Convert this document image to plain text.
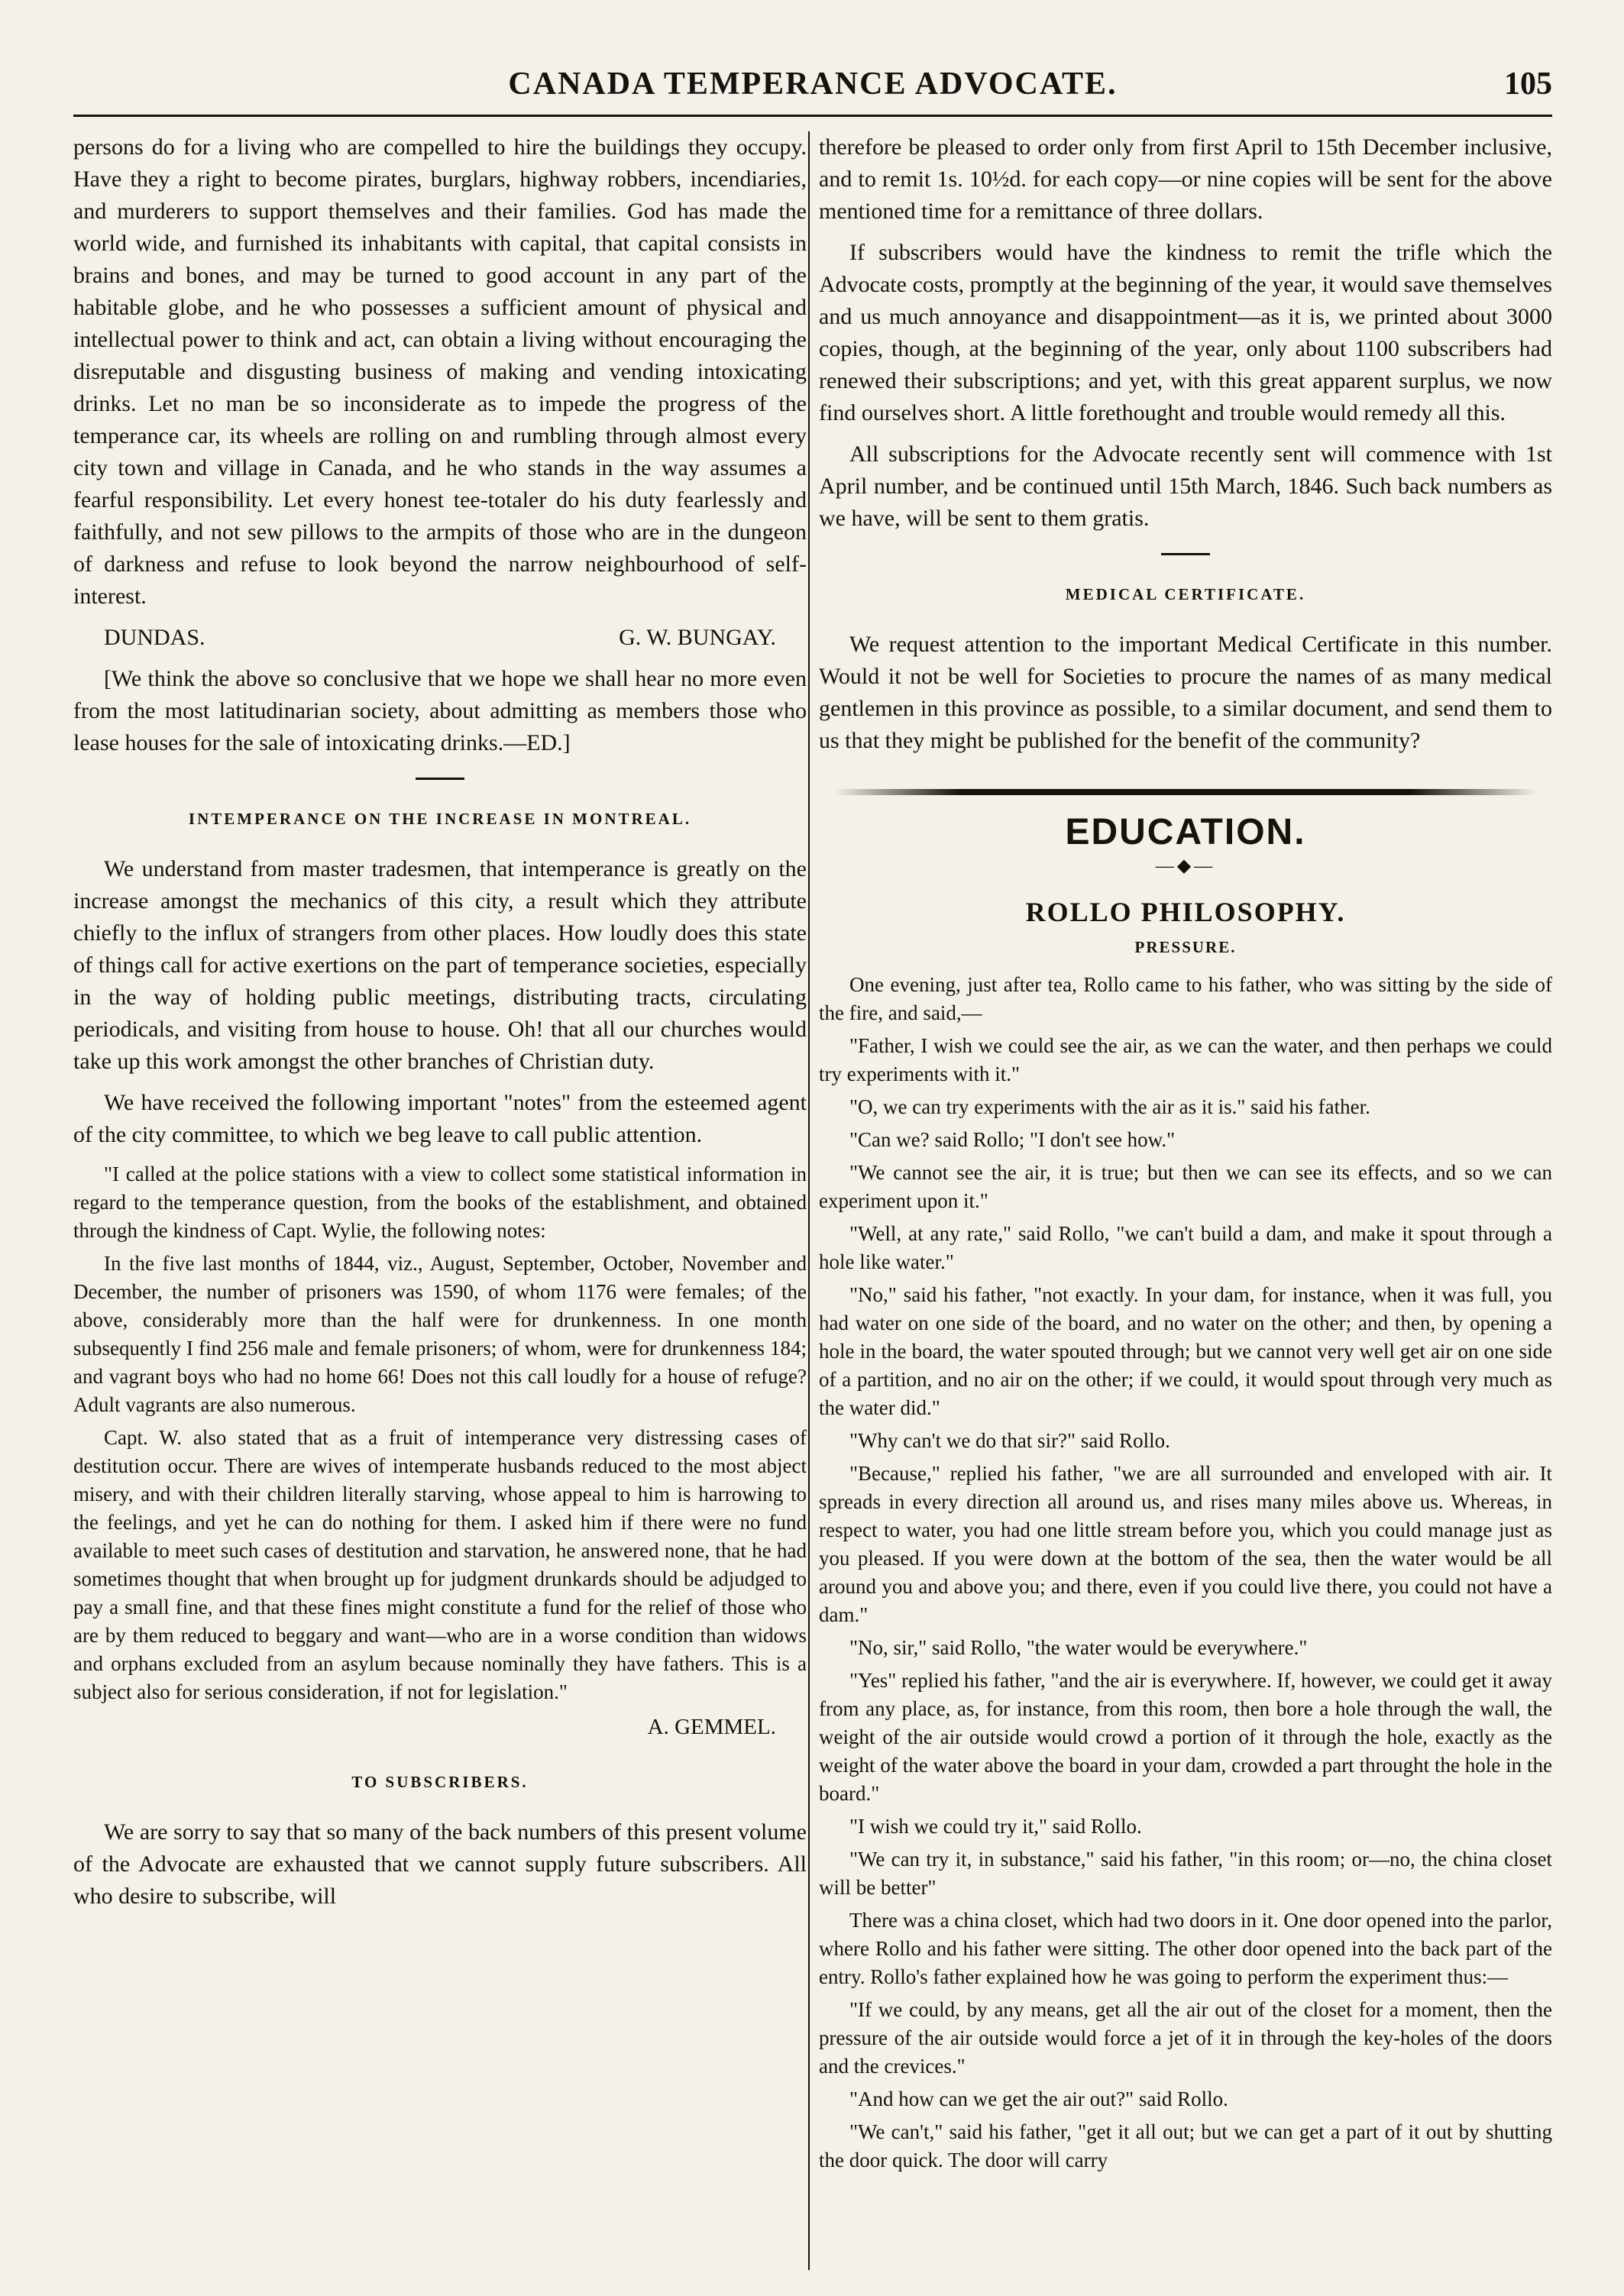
CANADA TEMPERANCE ADVOCATE.	105

persons do for a living who are compelled to hire the buildings they occupy. Have they a right to become pirates, burglars, highway robbers, incendiaries, and murderers to support themselves and their families. God has made the world wide, and furnished its inhabitants with capital, that capital consists in brains and bones, and may be turned to good account in any part of the habitable globe, and he who possesses a sufficient amount of physical and intellectual power to think and act, can obtain a living without encouraging the disreputable and disgusting business of making and vending intoxicating drinks. Let no man be so inconsiderate as to impede the progress of the temperance car, its wheels are rolling on and rumbling through almost every city town and village in Canada, and he who stands in the way assumes a fearful responsibility. Let every honest tee-totaler do his duty fearlessly and faithfully, and not sew pillows to the armpits of those who are in the dungeon of darkness and refuse to look beyond the narrow neighbourhood of self-interest.

DUNDAS.	G. W. BUNGAY.

[We think the above so conclusive that we hope we shall hear no more even from the most latitudinarian society, about admitting as members those who lease houses for the sale of intoxicating drinks.—ED.]

INTEMPERANCE ON THE INCREASE IN MONTREAL.

We understand from master tradesmen, that intemperance is greatly on the increase amongst the mechanics of this city, a result which they attribute chiefly to the influx of strangers from other places. How loudly does this state of things call for active exertions on the part of temperance societies, especially in the way of holding public meetings, distributing tracts, circulating periodicals, and visiting from house to house. Oh! that all our churches would take up this work amongst the other branches of Christian duty.

We have received the following important "notes" from the esteemed agent of the city committee, to which we beg leave to call public attention.

"I called at the police stations with a view to collect some statistical information in regard to the temperance question, from the books of the establishment, and obtained through the kindness of Capt. Wylie, the following notes:

In the five last months of 1844, viz., August, September, October, November and December, the number of prisoners was 1590, of whom 1176 were females; of the above, considerably more than the half were for drunkenness. In one month subsequently I find 256 male and female prisoners; of whom, were for drunkenness 184; and vagrant boys who had no home 66! Does not this call loudly for a house of refuge? Adult vagrants are also numerous.

Capt. W. also stated that as a fruit of intemperance very distressing cases of destitution occur. There are wives of intemperate husbands reduced to the most abject misery, and with their children literally starving, whose appeal to him is harrowing to the feelings, and yet he can do nothing for them. I asked him if there were no fund available to meet such cases of destitution and starvation, he answered none, that he had sometimes thought that when brought up for judgment drunkards should be adjudged to pay a small fine, and that these fines might constitute a fund for the relief of those who are by them reduced to beggary and want—who are in a worse condition than widows and orphans excluded from an asylum because nominally they have fathers. This is a subject also for serious consideration, if not for legislation."

A. GEMMEL.
TO SUBSCRIBERS.

We are sorry to say that so many of the back numbers of this present volume of the Advocate are exhausted that we cannot supply future subscribers. All who desire to subscribe, will

therefore be pleased to order only from first April to 15th December inclusive, and to remit 1s. 10½d. for each copy—or nine copies will be sent for the above mentioned time for a remittance of three dollars.

If subscribers would have the kindness to remit the trifle which the Advocate costs, promptly at the beginning of the year, it would save themselves and us much annoyance and disappointment—as it is, we printed about 3000 copies, though, at the beginning of the year, only about 1100 subscribers had renewed their subscriptions; and yet, with this great apparent surplus, we now find ourselves short. A little forethought and trouble would remedy all this.

All subscriptions for the Advocate recently sent will commence with 1st April number, and be continued until 15th March, 1846. Such back numbers as we have, will be sent to them gratis.

MEDICAL CERTIFICATE.

We request attention to the important Medical Certificate in this number. Would it not be well for Societies to procure the names of as many medical gentlemen in this province as possible, to a similar document, and send them to us that they might be published for the benefit of the community?

EDUCATION.
—◆—
ROLLO PHILOSOPHY.
PRESSURE.

One evening, just after tea, Rollo came to his father, who was sitting by the side of the fire, and said,—

"Father, I wish we could see the air, as we can the water, and then perhaps we could try experiments with it."

"O, we can try experiments with the air as it is." said his father.

"Can we? said Rollo; "I don't see how."

"We cannot see the air, it is true; but then we can see its effects, and so we can experiment upon it."

"Well, at any rate," said Rollo, "we can't build a dam, and make it spout through a hole like water."

"No," said his father, "not exactly. In your dam, for instance, when it was full, you had water on one side of the board, and no water on the other; and then, by opening a hole in the board, the water spouted through; but we cannot very well get air on one side of a partition, and no air on the other; if we could, it would spout through very much as the water did."

"Why can't we do that sir?" said Rollo.

"Because," replied his father, "we are all surrounded and enveloped with air. It spreads in every direction all around us, and rises many miles above us. Whereas, in respect to water, you had one little stream before you, which you could manage just as you pleased. If you were down at the bottom of the sea, then the water would be all around you and above you; and there, even if you could live there, you could not have a dam."

"No, sir," said Rollo, "the water would be everywhere."

"Yes" replied his father, "and the air is everywhere. If, however, we could get it away from any place, as, for instance, from this room, then bore a hole through the wall, the weight of the air outside would crowd a portion of it through the hole, exactly as the weight of the water above the board in your dam, crowded a part throught the hole in the board."

"I wish we could try it," said Rollo.

"We can try it, in substance," said his father, "in this room; or—no, the china closet will be better"

There was a china closet, which had two doors in it. One door opened into the parlor, where Rollo and his father were sitting. The other door opened into the back part of the entry. Rollo's father explained how he was going to perform the experiment thus:—

"If we could, by any means, get all the air out of the closet for a moment, then the pressure of the air outside would force a jet of it in through the key-holes of the doors and the crevices."

"And how can we get the air out?" said Rollo.

"We can't," said his father, "get it all out; but we can get a part of it out by shutting the door quick. The door will carry
